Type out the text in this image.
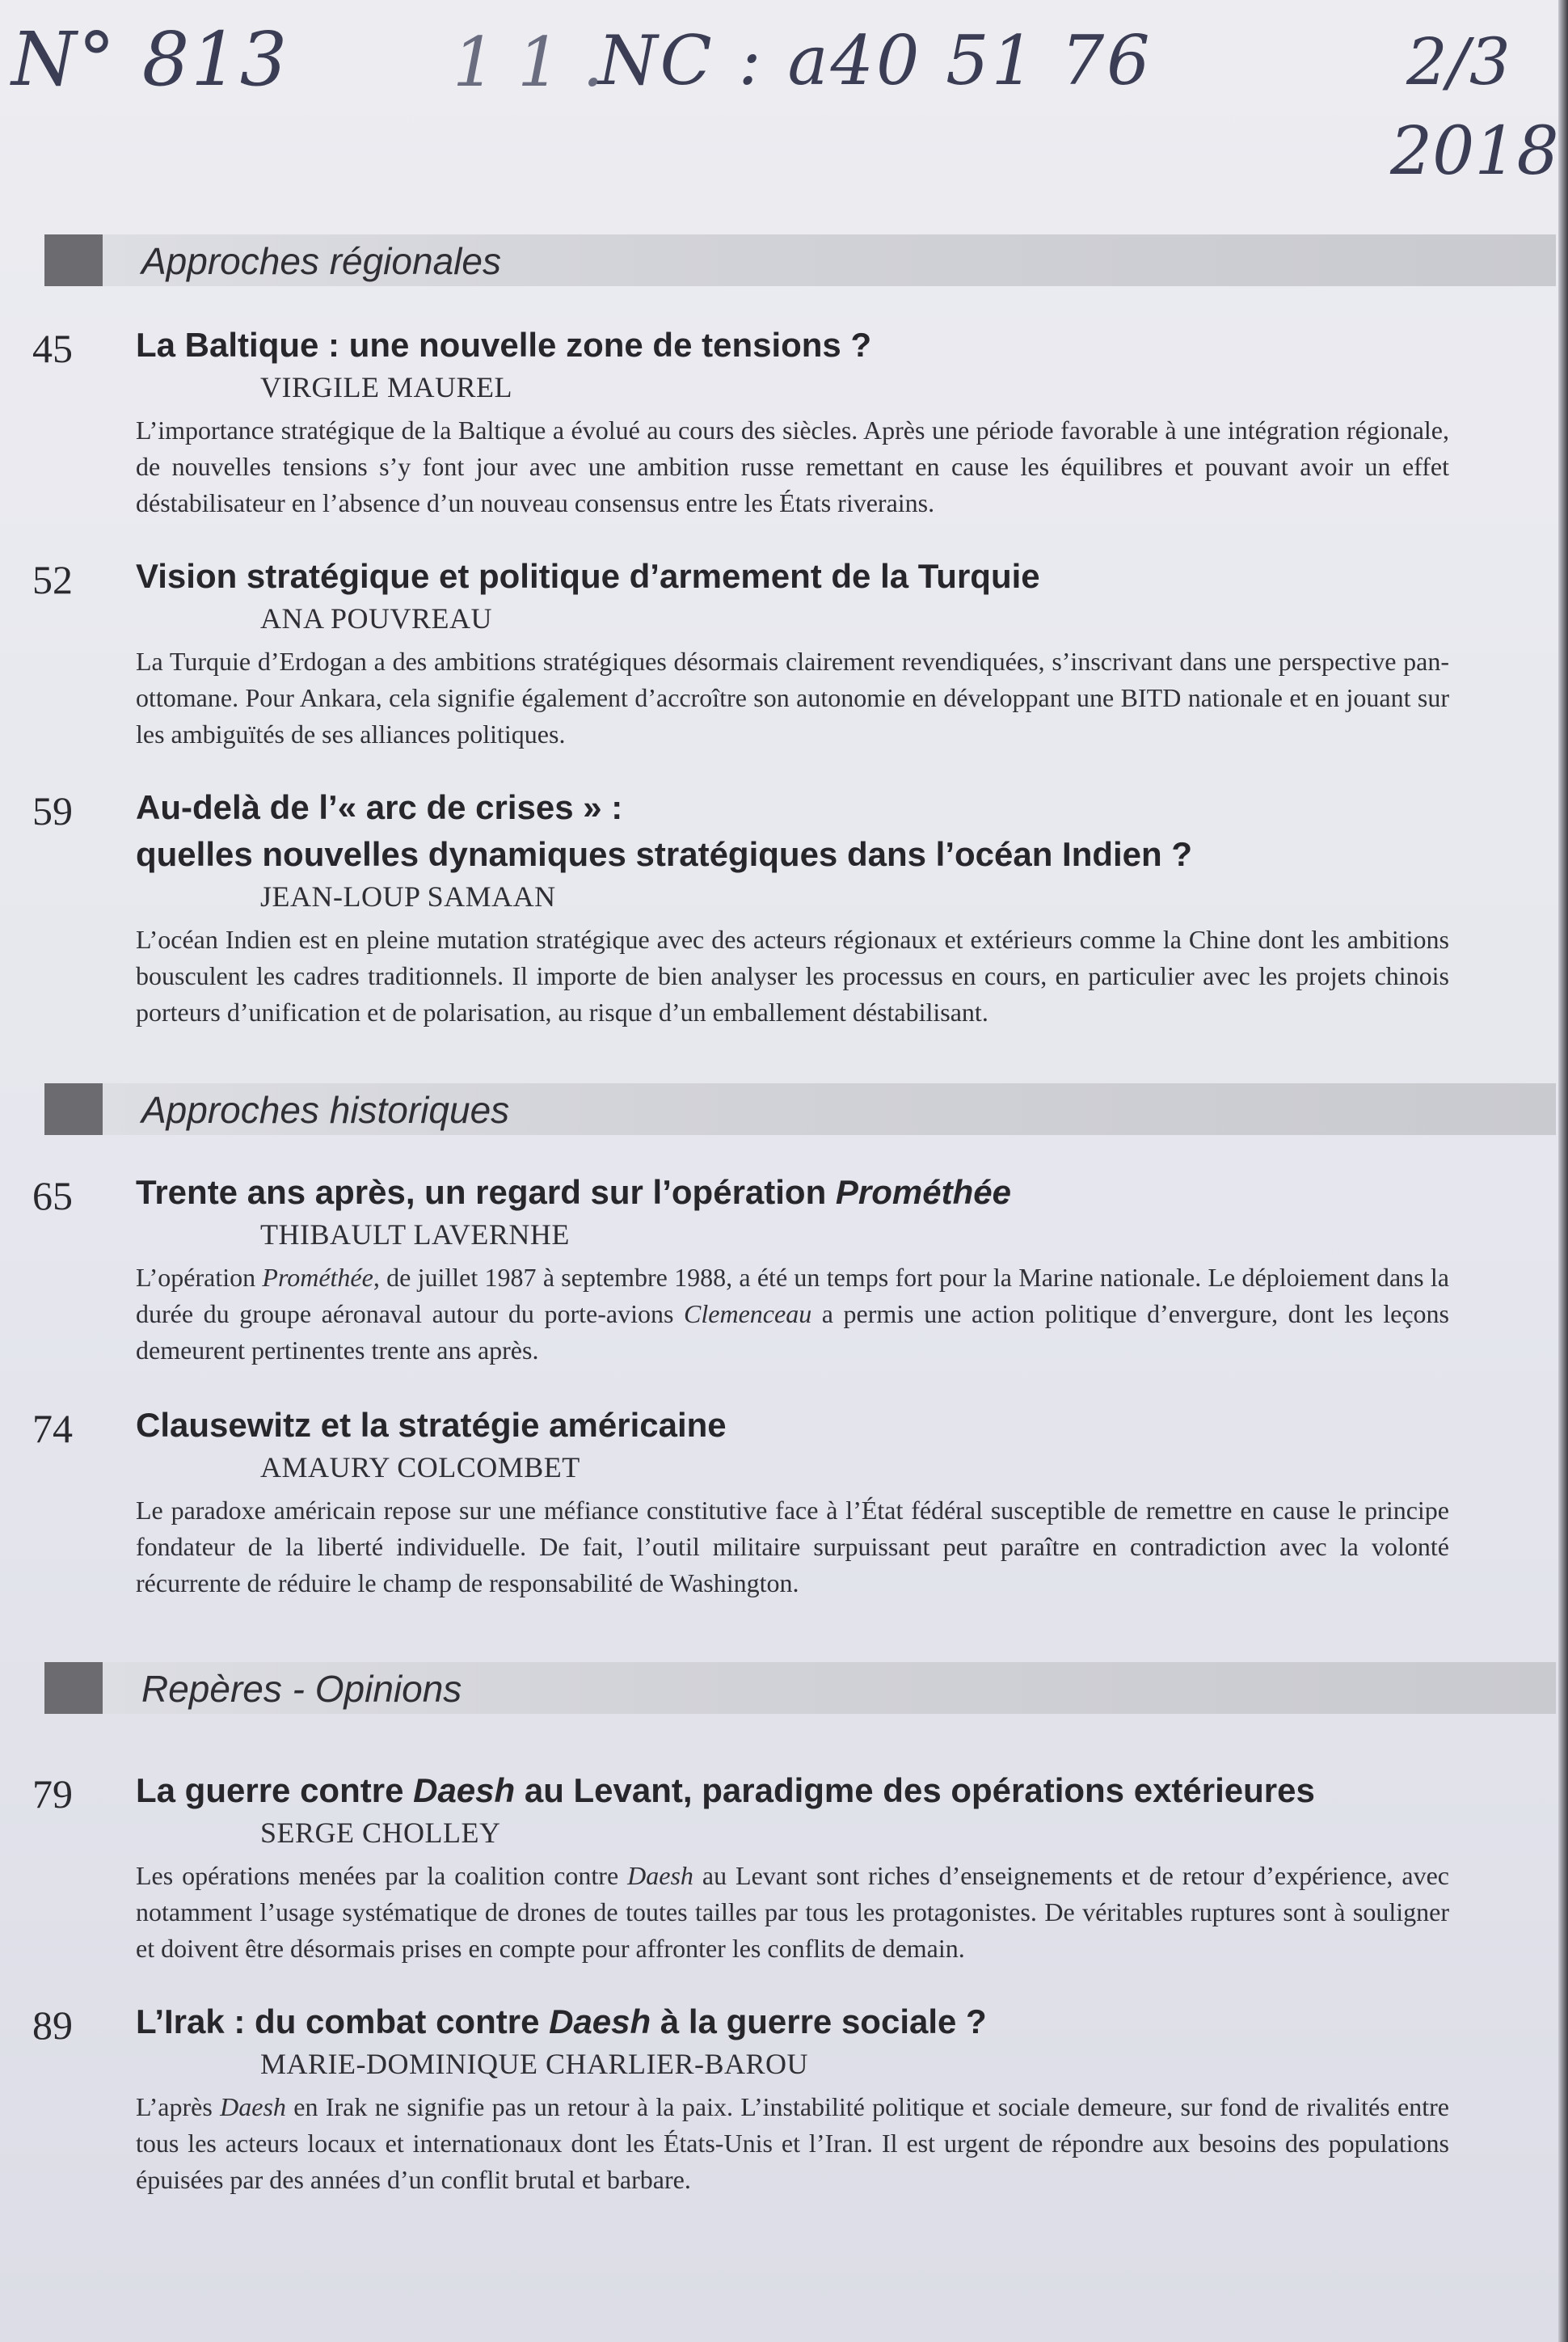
N° 813 1 1 .
NC : a40 51 76	2/3
2018
Approches régionales
45 La Baltique : une nouvelle zone de tensions ?
VIRGILE MAUREL
L’importance stratégique de la Baltique a évolué au cours des siècles. Après une période favorable à une intégration régionale, de nouvelles tensions s’y font jour avec une ambition russe remettant en cause les équilibres et pouvant avoir un effet déstabilisateur en l’absence d’un nouveau consensus entre les États riverains.
52 Vision stratégique et politique d’armement de la Turquie
ANA POUVREAU
La Turquie d’Erdogan a des ambitions stratégiques désormais clairement revendiquées, s’inscrivant dans une perspective pan-ottomane. Pour Ankara, cela signifie également d’accroître son autonomie en développant une BITD nationale et en jouant sur les ambiguïtés de ses alliances politiques.
59 Au-delà de l’« arc de crises » :
quelles nouvelles dynamiques stratégiques dans l’océan Indien ?
JEAN-LOUP SAMAAN
L’océan Indien est en pleine mutation stratégique avec des acteurs régionaux et extérieurs comme la Chine dont les ambitions bousculent les cadres traditionnels. Il importe de bien analyser les processus en cours, en particulier avec les projets chinois porteurs d’unification et de polarisation, au risque d’un emballement déstabilisant.
Approches historiques
65 Trente ans après, un regard sur l’opération Prométhée
THIBAULT LAVERNHE
L’opération Prométhée, de juillet 1987 à septembre 1988, a été un temps fort pour la Marine nationale. Le déploiement dans la durée du groupe aéronaval autour du porte-avions Clemenceau a permis une action politique d’envergure, dont les leçons demeurent pertinentes trente ans après.
74 Clausewitz et la stratégie américaine
AMAURY COLCOMBET
Le paradoxe américain repose sur une méfiance constitutive face à l’État fédéral susceptible de remettre en cause le principe fondateur de la liberté individuelle. De fait, l’outil militaire surpuissant peut paraître en contradiction avec la volonté récurrente de réduire le champ de responsabilité de Washington.
Repères - Opinions
79 La guerre contre Daesh au Levant, paradigme des opérations extérieures
SERGE CHOLLEY
Les opérations menées par la coalition contre Daesh au Levant sont riches d’enseignements et de retour d’expérience, avec notamment l’usage systématique de drones de toutes tailles par tous les protagonistes. De véritables ruptures sont à souligner et doivent être désormais prises en compte pour affronter les conflits de demain.
89 L’Irak : du combat contre Daesh à la guerre sociale ?
MARIE-DOMINIQUE CHARLIER-BAROU
L’après Daesh en Irak ne signifie pas un retour à la paix. L’instabilité politique et sociale demeure, sur fond de rivalités entre tous les acteurs locaux et internationaux dont les États-Unis et l’Iran. Il est urgent de répondre aux besoins des populations épuisées par des années d’un conflit brutal et barbare.
